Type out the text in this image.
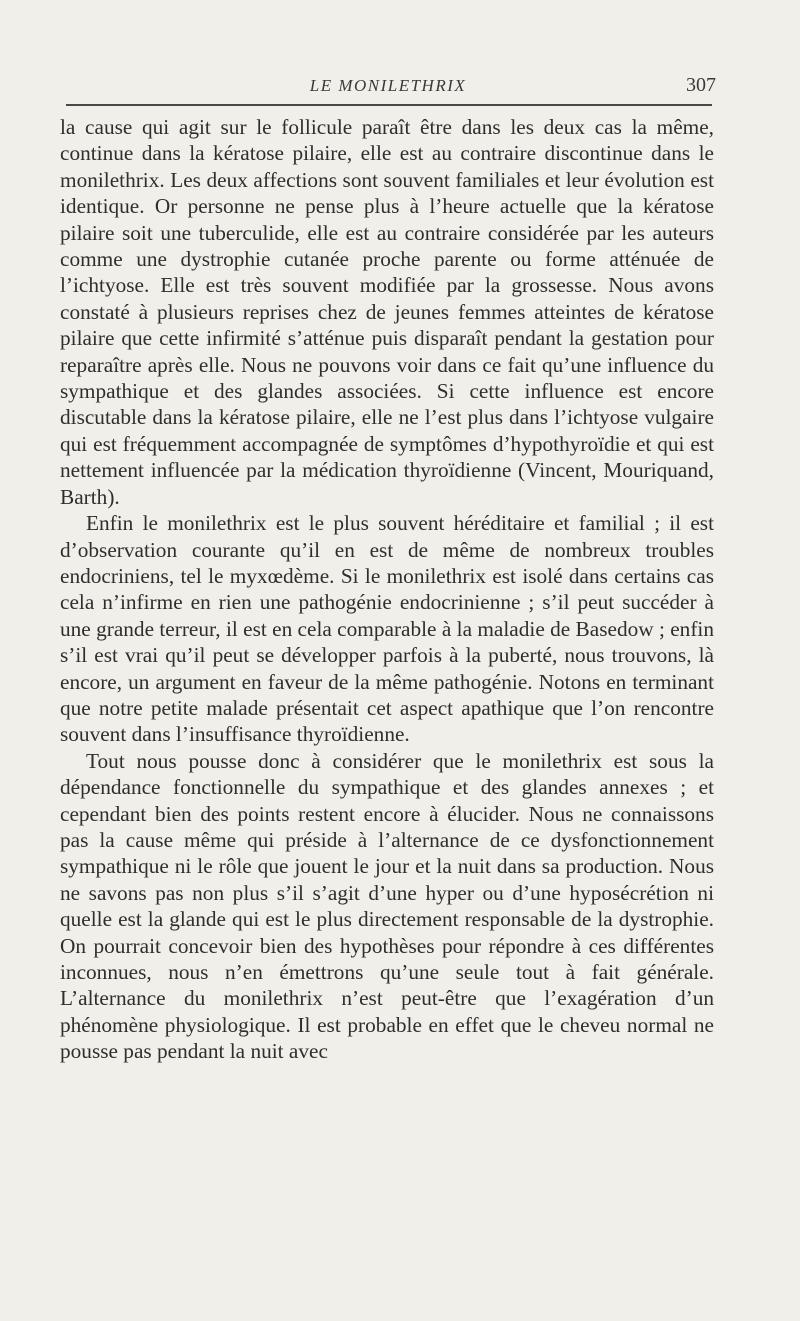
LE MONILETHRIX	307

la cause qui agit sur le follicule paraît être dans les deux cas la même, continue dans la kératose pilaire, elle est au contraire discontinue dans le monilethrix. Les deux affections sont souvent familiales et leur évolution est identique. Or personne ne pense plus à l’heure actuelle que la kératose pilaire soit une tuberculide, elle est au contraire considérée par les auteurs comme une dystrophie cutanée proche parente ou forme atténuée de l’ichtyose. Elle est très souvent modifiée par la grossesse. Nous avons constaté à plusieurs reprises chez de jeunes femmes atteintes de kératose pilaire que cette infirmité s’atténue puis disparaît pendant la gestation pour reparaître après elle. Nous ne pouvons voir dans ce fait qu’une influence du sympathique et des glandes associées. Si cette influence est encore discutable dans la kératose pilaire, elle ne l’est plus dans l’ichtyose vulgaire qui est fréquemment accompagnée de symptômes d’hypothyroïdie et qui est nettement influencée par la médication thyroïdienne (Vincent, Mouriquand, Barth).

Enfin le monilethrix est le plus souvent héréditaire et familial ; il est d’observation courante qu’il en est de même de nombreux troubles endocriniens, tel le myxœdème. Si le monilethrix est isolé dans certains cas cela n’infirme en rien une pathogénie endocrinienne ; s’il peut succéder à une grande terreur, il est en cela comparable à la maladie de Basedow ; enfin s’il est vrai qu’il peut se développer parfois à la puberté, nous trouvons, là encore, un argument en faveur de la même pathogénie. Notons en terminant que notre petite malade présentait cet aspect apathique que l’on rencontre souvent dans l’insuffisance thyroïdienne.

Tout nous pousse donc à considérer que le monilethrix est sous la dépendance fonctionnelle du sympathique et des glandes annexes ; et cependant bien des points restent encore à élucider. Nous ne connaissons pas la cause même qui préside à l’alternance de ce dysfonctionnement sympathique ni le rôle que jouent le jour et la nuit dans sa production. Nous ne savons pas non plus s’il s’agit d’une hyper ou d’une hyposécrétion ni quelle est la glande qui est le plus directement responsable de la dystrophie. On pourrait concevoir bien des hypothèses pour répondre à ces différentes inconnues, nous n’en émettrons qu’une seule tout à fait générale. L’alternance du monilethrix n’est peut-être que l’exagération d’un phénomène physiologique. Il est probable en effet que le cheveu normal ne pousse pas pendant la nuit avec
